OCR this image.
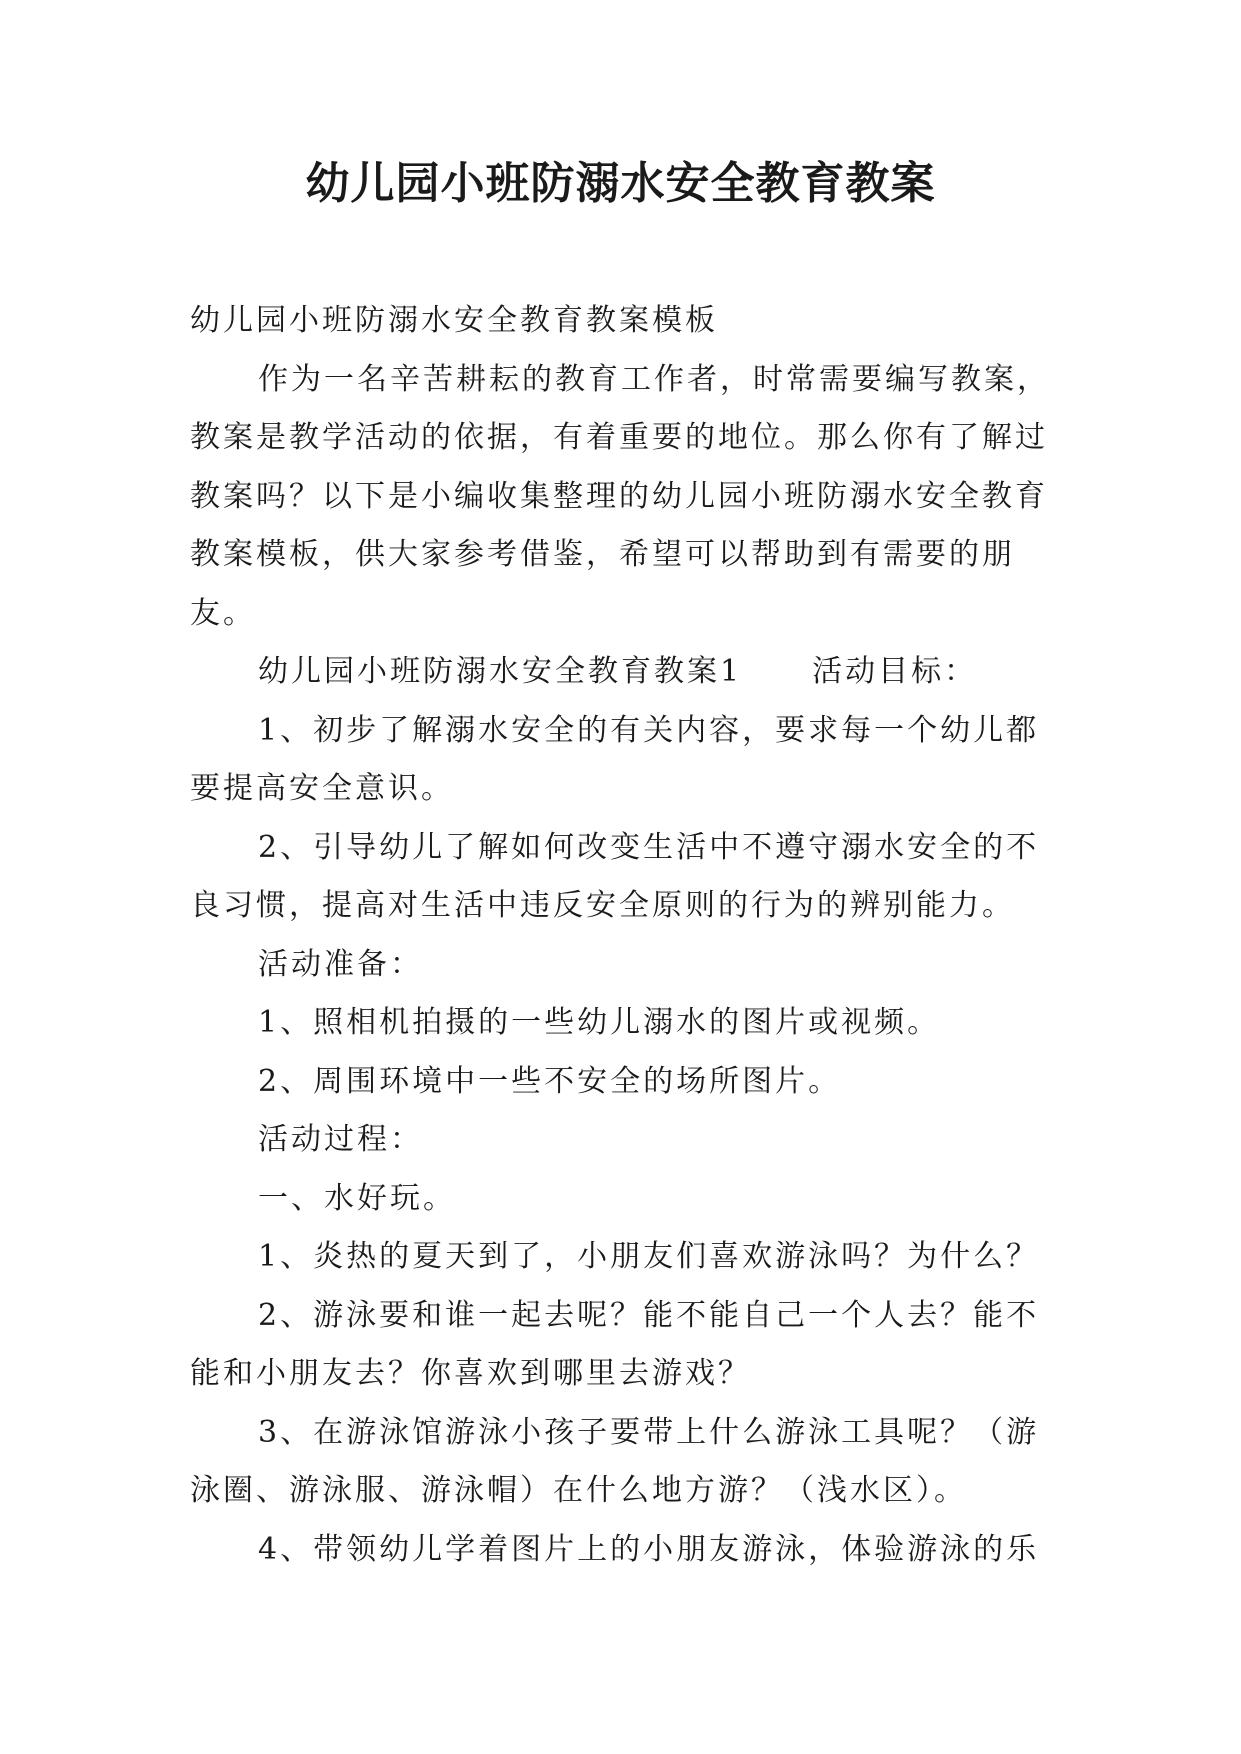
幼儿园小班防溺水安全教育教案

幼儿园小班防溺水安全教育教案模板

作为一名辛苦耕耘的教育工作者，时常需要编写教案，教案是教学活动的依据，有着重要的地位。那么你有了解过教案吗？以下是小编收集整理的幼儿园小班防溺水安全教育教案模板，供大家参考借鉴，希望可以帮助到有需要的朋友。

幼儿园小班防溺水安全教育教案1 活动目标：

1、初步了解溺水安全的有关内容，要求每一个幼儿都要提高安全意识。

2、引导幼儿了解如何改变生活中不遵守溺水安全的不良习惯，提高对生活中违反安全原则的行为的辨别能力。

活动准备：

1、照相机拍摄的一些幼儿溺水的图片或视频。

2、周围环境中一些不安全的场所图片。

活动过程：

一、水好玩。

1、炎热的夏天到了，小朋友们喜欢游泳吗？为什么？

2、游泳要和谁一起去呢？能不能自己一个人去？能不能和小朋友去？你喜欢到哪里去游戏？

3、在游泳馆游泳小孩子要带上什么游泳工具呢？（游泳圈、游泳服、游泳帽）在什么地方游？（浅水区）。

4、带领幼儿学着图片上的小朋友游泳，体验游泳的乐
